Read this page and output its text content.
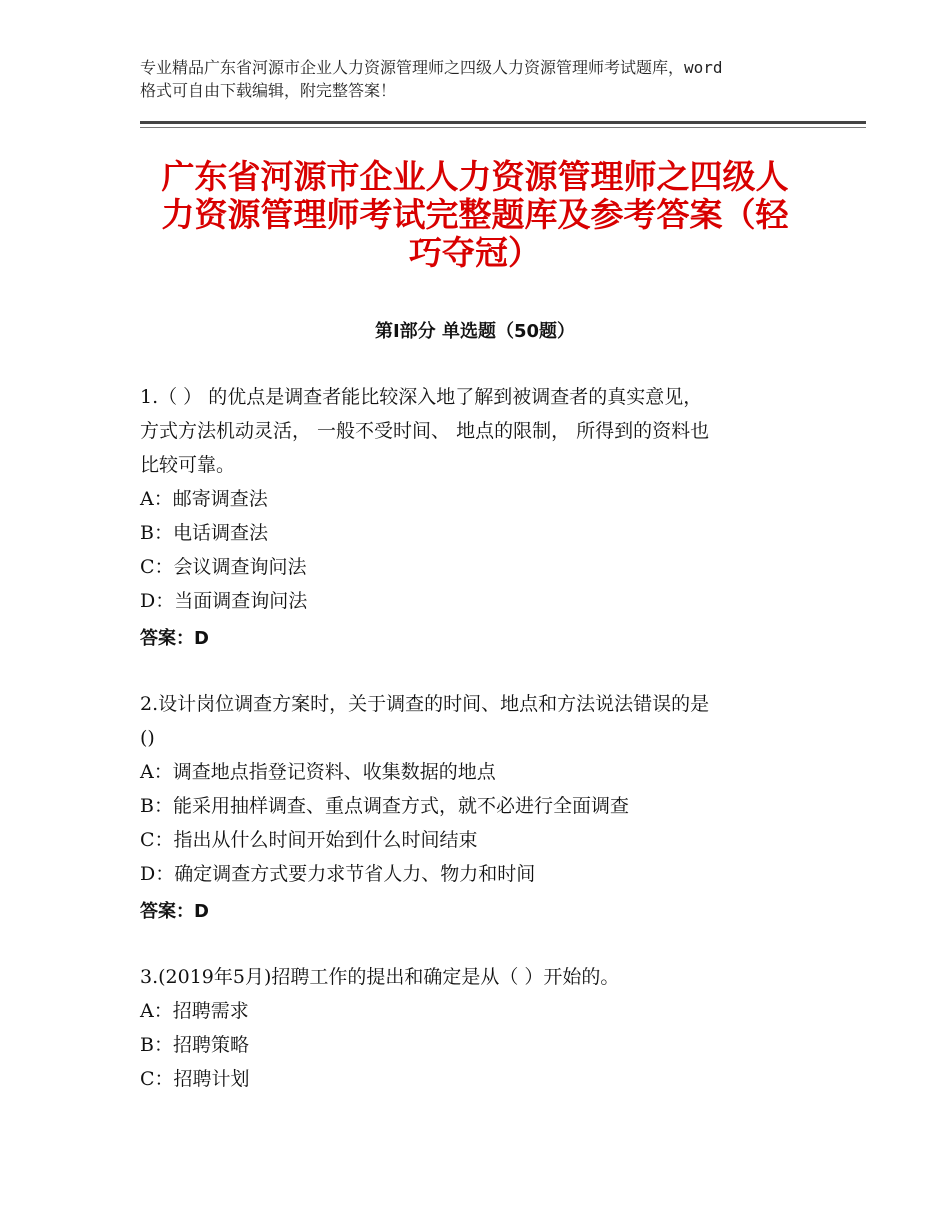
专业精品广东省河源市企业人力资源管理师之四级人力资源管理师考试题库，word
格式可自由下载编辑，附完整答案！
广东省河源市企业人力资源管理师之四级人
力资源管理师考试完整题库及参考答案（轻
巧夺冠）
第Ⅰ部分 单选题（50题）
1.（ ） 的优点是调查者能比较深入地了解到被调查者的真实意见，
方式方法机动灵活， 一般不受时间、 地点的限制， 所得到的资料也
比较可靠。
A：邮寄调查法
B：电话调查法
C：会议调查询问法
D：当面调查询问法
答案：D
2.设计岗位调查方案时，关于调查的时间、地点和方法说法错误的是
()
A：调查地点指登记资料、收集数据的地点
B：能采用抽样调查、重点调查方式，就不必进行全面调查
C：指出从什么时间开始到什么时间结束
D：确定调查方式要力求节省人力、物力和时间
答案：D
3.(2019年5月)招聘工作的提出和确定是从（ ）开始的。
A：招聘需求
B：招聘策略
C：招聘计划
